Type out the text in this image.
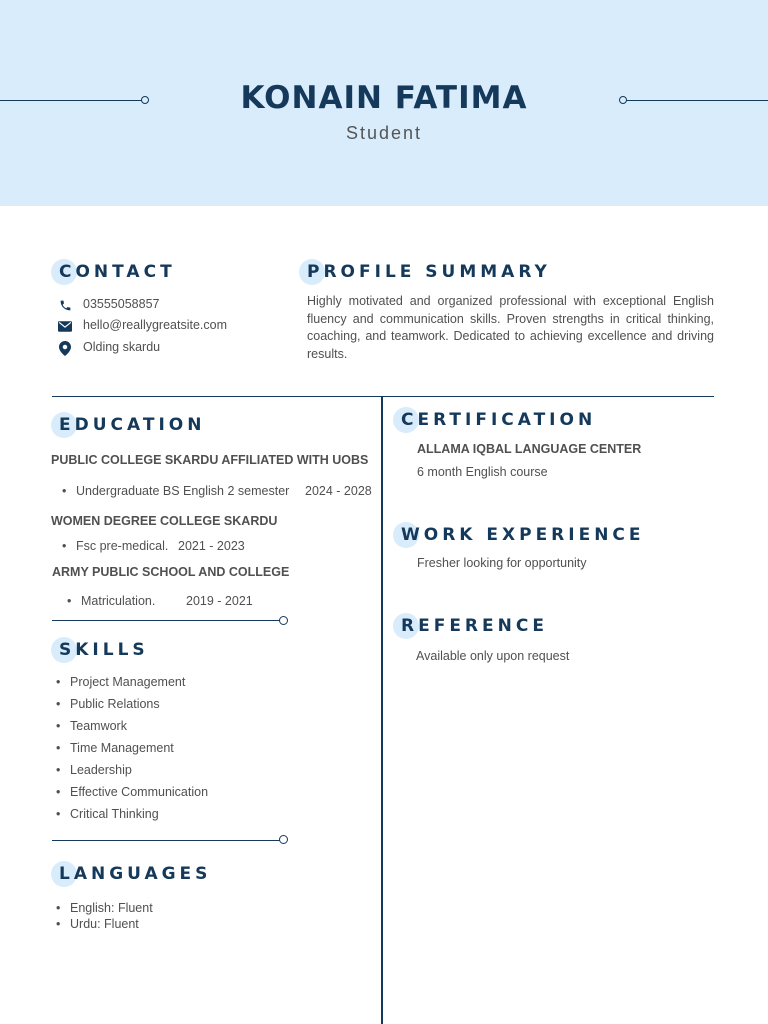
KONAIN FATIMA
Student
CONTACT
03555058857
hello@reallygreatsite.com
Olding skardu
PROFILE SUMMARY
Highly motivated and organized professional with exceptional English fluency and communication skills. Proven strengths in critical thinking, coaching, and teamwork. Dedicated to achieving excellence and driving results.
EDUCATION
PUBLIC COLLEGE SKARDU AFFILIATED WITH UOBS
• Undergraduate BS English 2 semester 2024 - 2028
WOMEN DEGREE COLLEGE SKARDU
• Fsc pre-medical. 2021 - 2023
ARMY PUBLIC SCHOOL AND COLLEGE
• Matriculation. 2019 - 2021
SKILLS
• Project Management
• Public Relations
• Teamwork
• Time Management
• Leadership
• Effective Communication
• Critical Thinking
LANGUAGES
• English: Fluent
• Urdu: Fluent
CERTIFICATION
ALLAMA IQBAL LANGUAGE CENTER
6 month English course
WORK EXPERIENCE
Fresher looking for opportunity
REFERENCE
Available only upon request
